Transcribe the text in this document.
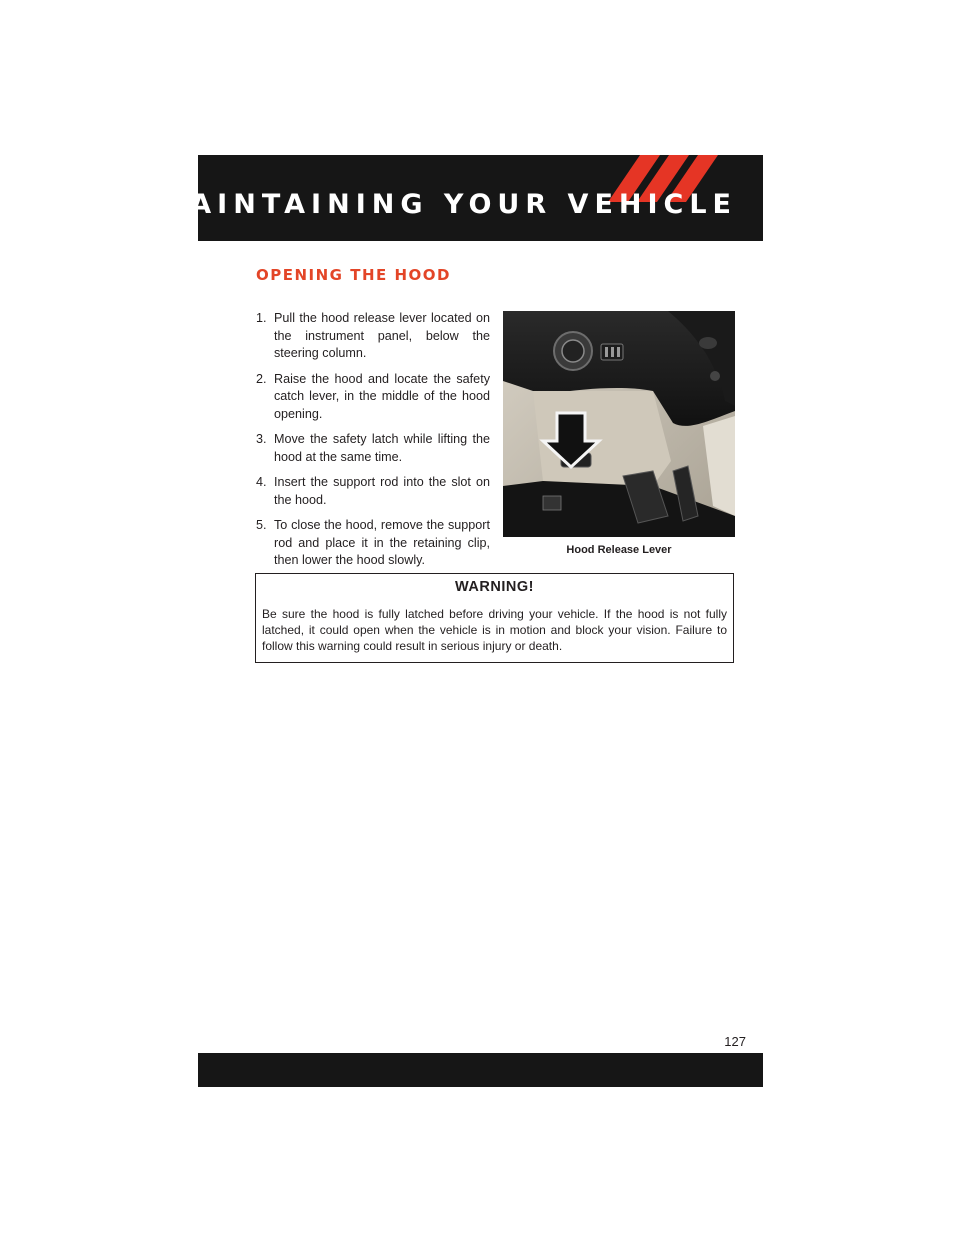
MAINTAINING YOUR VEHICLE
OPENING THE HOOD
1. Pull the hood release lever located on the instrument panel, below the steering column.
2. Raise the hood and locate the safety catch lever, in the middle of the hood opening.
3. Move the safety latch while lifting the hood at the same time.
4. Insert the support rod into the slot on the hood.
5. To close the hood, remove the support rod and place it in the retaining clip, then lower the hood slowly.
Hood Release Lever
WARNING!

Be sure the hood is fully latched before driving your vehicle. If the hood is not fully latched, it could open when the vehicle is in motion and block your vision. Failure to follow this warning could result in serious injury or death.

127
